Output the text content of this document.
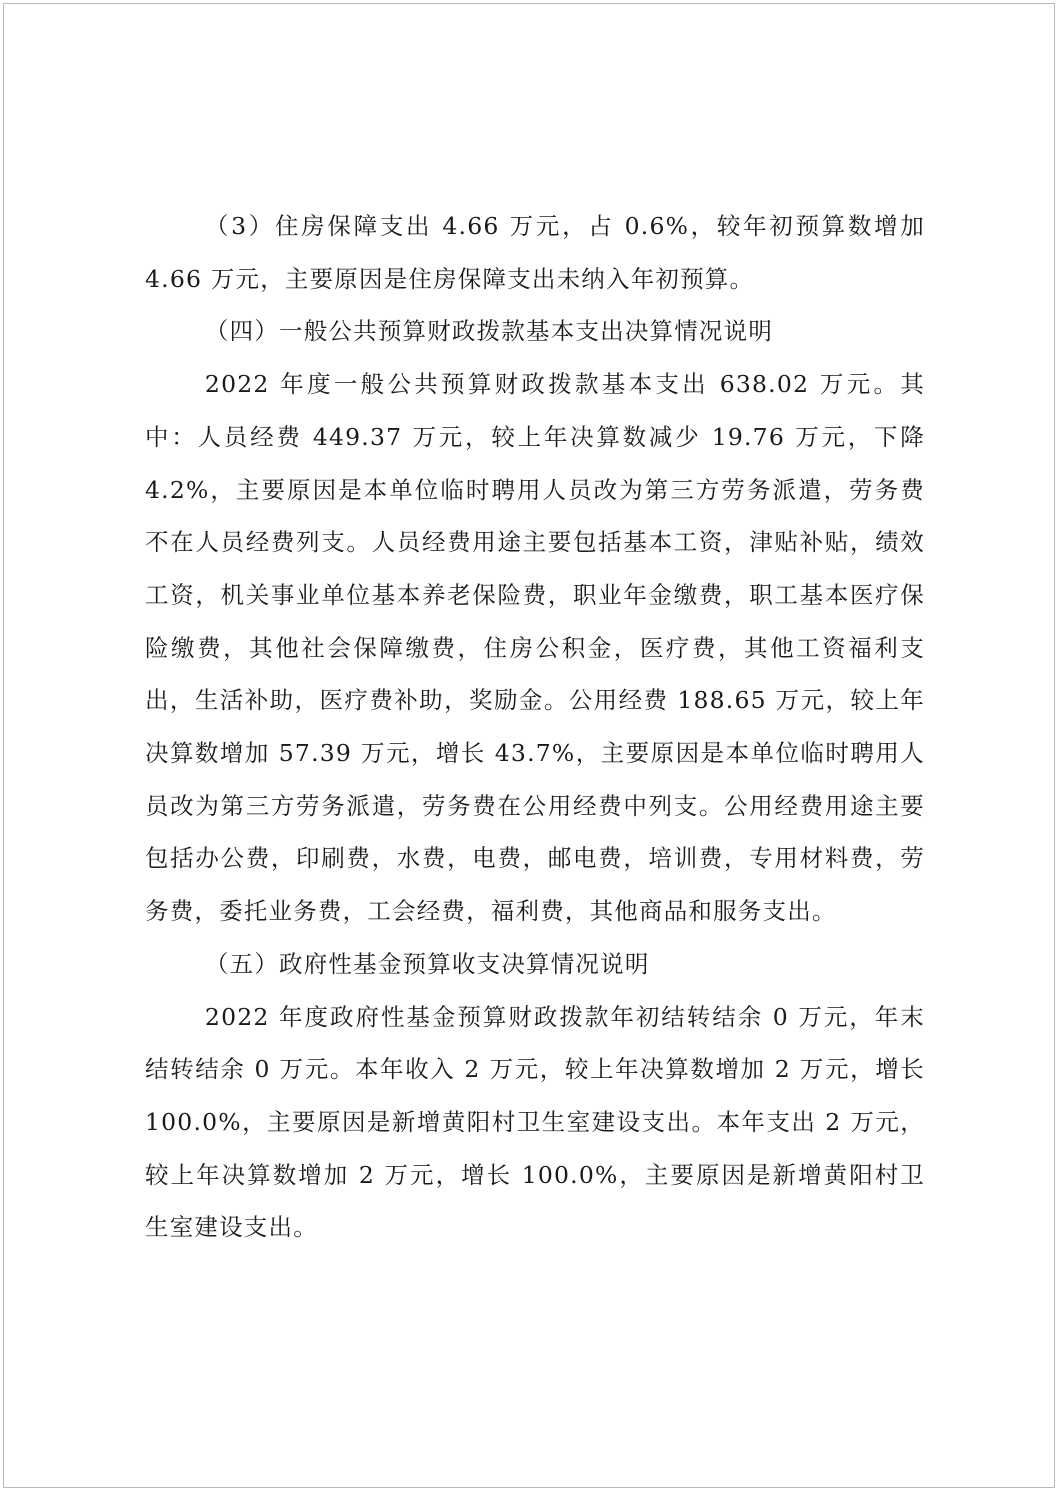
（3）住房保障支出 4.66 万元，占 0.6%，较年初预算数增加 4.66 万元，主要原因是住房保障支出未纳入年初预算。

（四）一般公共预算财政拨款基本支出决算情况说明

2022 年度一般公共预算财政拨款基本支出 638.02 万元。其中：人员经费 449.37 万元，较上年决算数减少 19.76 万元，下降 4.2%，主要原因是本单位临时聘用人员改为第三方劳务派遣，劳务费不在人员经费列支。人员经费用途主要包括基本工资，津贴补贴，绩效工资，机关事业单位基本养老保险费，职业年金缴费，职工基本医疗保险缴费，其他社会保障缴费，住房公积金，医疗费，其他工资福利支出，生活补助，医疗费补助，奖励金。公用经费 188.65 万元，较上年决算数增加 57.39 万元，增长 43.7%，主要原因是本单位临时聘用人员改为第三方劳务派遣，劳务费在公用经费中列支。公用经费用途主要包括办公费，印刷费，水费，电费，邮电费，培训费，专用材料费，劳务费，委托业务费，工会经费，福利费，其他商品和服务支出。

（五）政府性基金预算收支决算情况说明

2022 年度政府性基金预算财政拨款年初结转结余 0 万元，年末结转结余 0 万元。本年收入 2 万元，较上年决算数增加 2 万元，增长 100.0%，主要原因是新增黄阳村卫生室建设支出。本年支出 2 万元，较上年决算数增加 2 万元，增长 100.0%，主要原因是新增黄阳村卫生室建设支出。
